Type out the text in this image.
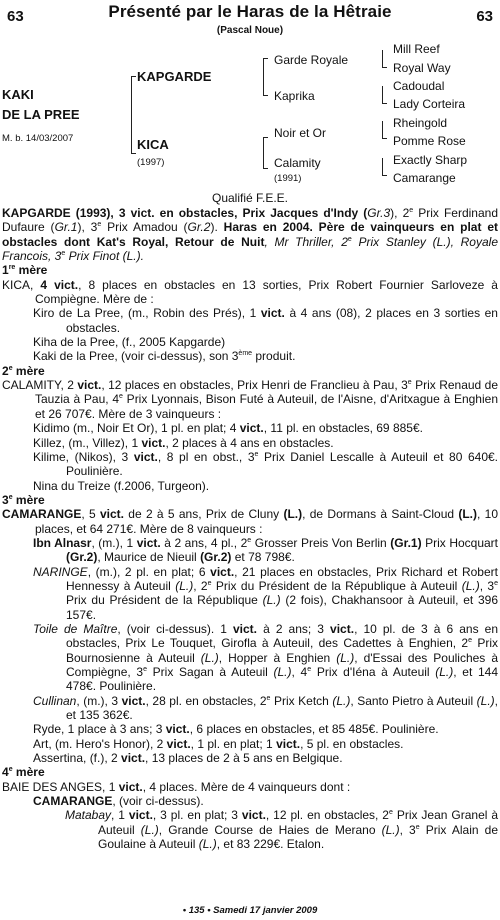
63	63
Présenté par le Haras de la Hêtraie
(Pascal Noue)
KAKI
DE LA PREE
M. b. 14/03/2007
KAPGARDE
KICA
(1997)
Garde Royale
Kaprika
Noir et Or
Calamity
(1991)
Mill Reef
Royal Way
Cadoudal
Lady Corteira
Rheingold
Pomme Rose
Exactly Sharp
Camarange
Qualifié F.E.E.

KAPGARDE (1993), 3 vict. en obstacles, Prix Jacques d'Indy (Gr.3), 2e Prix Ferdinand Dufaure (Gr.1), 3e Prix Amadou (Gr.2). Haras en 2004. Père de vainqueurs en plat et obstacles dont Kat's Royal, Retour de Nuit, Mr Thriller, 2e Prix Stanley (L.), Royale Francois, 3e Prix Finot (L.).

1re mère

KICA, 4 vict., 8 places en obstacles en 13 sorties, Prix Robert Fournier Sarloveze à Compiègne. Mère de :

Kiro de La Pree, (m., Robin des Prés), 1 vict. à 4 ans (08), 2 places en 3 sorties en obstacles.

Kiha de la Pree, (f., 2005 Kapgarde)

Kaki de la Pree, (voir ci-dessus), son 3ème produit.

2e mère

CALAMITY, 2 vict., 12 places en obstacles, Prix Henri de Franclieu à Pau, 3e Prix Renaud de Tauzia à Pau, 4e Prix Lyonnais, Bison Futé à Auteuil, de l'Aisne, d'Aritxague à Enghien et 26 707€. Mère de 3 vainqueurs :

Kidimo (m., Noir Et Or), 1 pl. en plat; 4 vict., 11 pl. en obstacles, 69 885€.

Killez, (m., Villez), 1 vict., 2 places à 4 ans en obstacles.

Kilime, (Nikos), 3 vict., 8 pl en obst., 3e Prix Daniel Lescalle à Auteuil et 80 640€. Poulinière.

Nina du Treize (f.2006, Turgeon).

3e mère

CAMARANGE, 5 vict. de 2 à 5 ans, Prix de Cluny (L.), de Dormans à Saint-Cloud (L.), 10 places, et 64 271€. Mère de 8 vainqueurs :

Ibn Alnasr, (m.), 1 vict. à 2 ans, 4 pl., 2e Grosser Preis Von Berlin (Gr.1) Prix Hocquart (Gr.2), Maurice de Nieuil (Gr.2) et 78 798€.

NARINGE, (m.), 2 pl. en plat; 6 vict., 21 places en obstacles, Prix Richard et Robert Hennessy à Auteuil (L.), 2e Prix du Président de la République à Auteuil (L.), 3e Prix du Président de la République (L.) (2 fois), Chakhansoor à Auteuil, et 396 157€.

Toile de Maître, (voir ci-dessus). 1 vict. à 2 ans; 3 vict., 10 pl. de 3 à 6 ans en obstacles, Prix Le Touquet, Giroflа à Auteuil, des Cadettes à Enghien, 2e Prix Bournosienne à Auteuil (L.), Hopper à Enghien (L.), d'Essai des Pouliches à Compiègne, 3e Prix Sagan à Auteuil (L.), 4e Prix d'Iéna à Auteuil (L.), et 144 478€. Poulinière.

Cullinan, (m.), 3 vict., 28 pl. en obstacles, 2e Prix Ketch (L.), Santo Pietro à Auteuil (L.), et 135 362€.

Ryde, 1 place à 3 ans; 3 vict., 6 places en obstacles, et 85 485€. Poulinière.

Art, (m. Hero's Honor), 2 vict., 1 pl. en plat; 1 vict., 5 pl. en obstacles.

Assertina, (f.), 2 vict., 13 places de 2 à 5 ans en Belgique.

4e mère

BAIE DES ANGES, 1 vict., 4 places. Mère de 4 vainqueurs dont :

CAMARANGE, (voir ci-dessus).

Matabay, 1 vict., 3 pl. en plat; 3 vict., 12 pl. en obstacles, 2e Prix Jean Granel à Auteuil (L.), Grande Course de Haies de Merano (L.), 3e Prix Alain de Goulaine à Auteuil (L.), et 83 229€. Etalon.

• 135 • Samedi 17 janvier 2009
